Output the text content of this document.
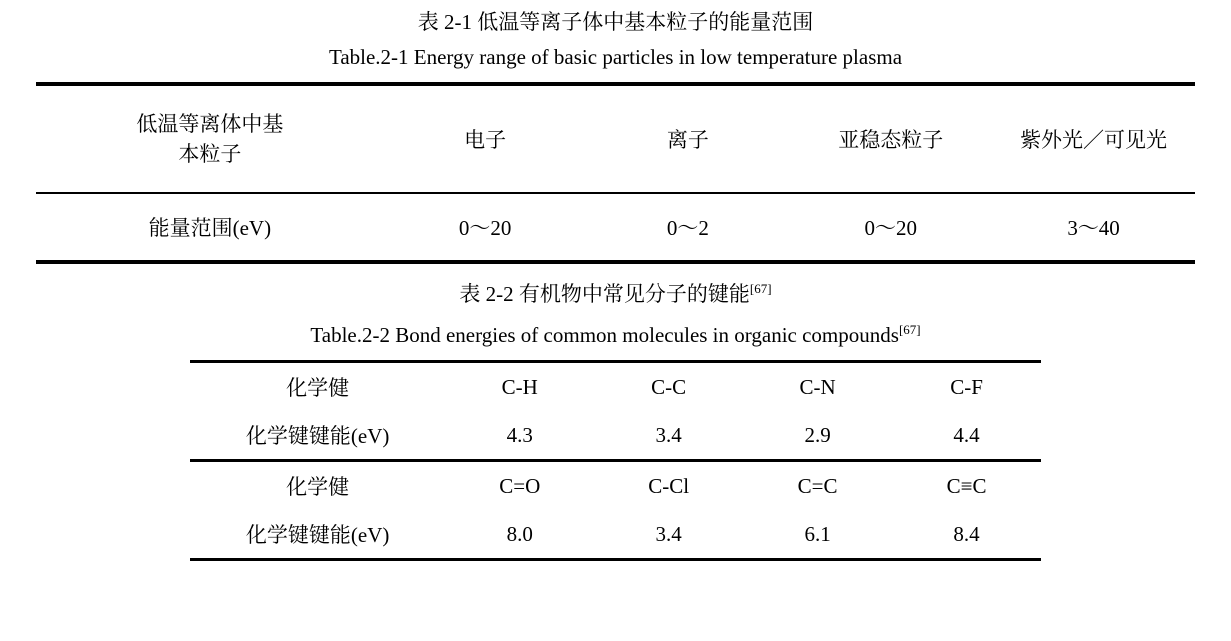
表 2-1 低温等离子体中基本粒子的能量范围
Table.2-1 Energy range of basic particles in low temperature plasma
低温等离体中基
本粒子	电子	离子	亚稳态粒子	紫外光／可见光
能量范围(eV)	0～20	0～2	0～20	3～40
表 2-2 有机物中常见分子的键能[67]
Table.2-2 Bond energies of common molecules in organic compounds[67]
化学健	C-H	C-C	C-N	C-F
化学键键能(eV)	4.3	3.4	2.9	4.4
化学健	C=O	C-Cl	C=C	C≡C
化学键键能(eV)	8.0	3.4	6.1	8.4
